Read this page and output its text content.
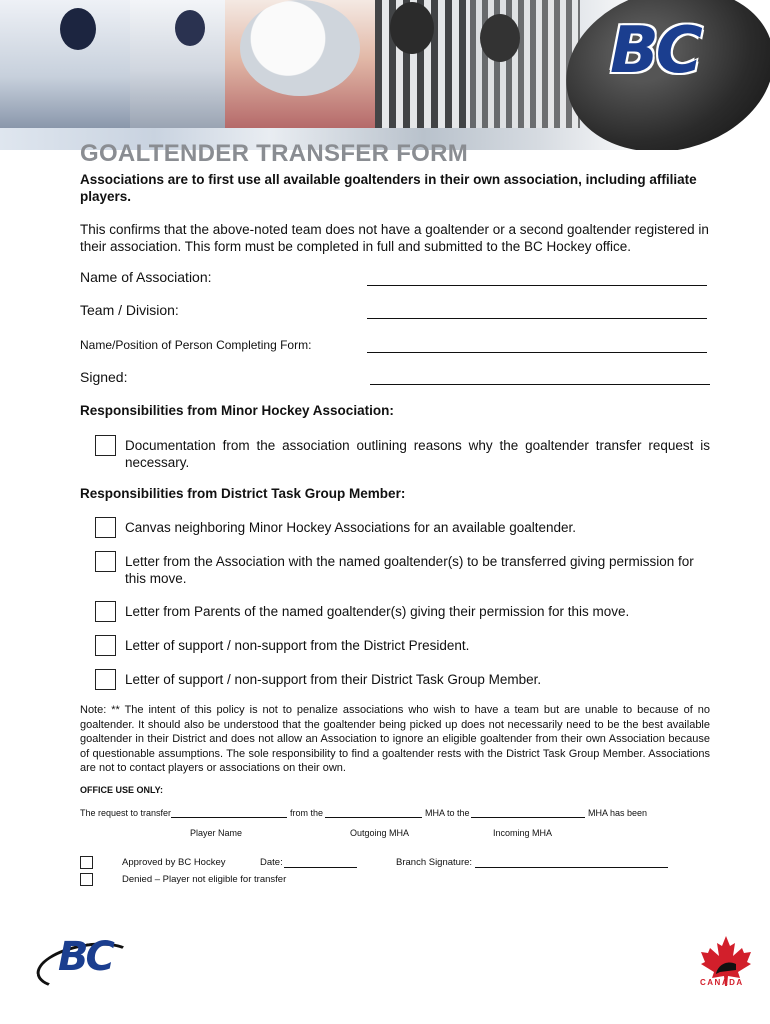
BC
GOALTENDER TRANSFER FORM
Associations are to first use all available goaltenders in their own association, including affiliate players.
This confirms that the above-noted team does not have a goaltender or a second goaltender registered in their association. This form must be completed in full and submitted to the BC Hockey office.
Name of Association:
Team / Division:
Name/Position of Person Completing Form:
Signed:
Responsibilities from Minor Hockey Association:
Documentation from the association outlining reasons why the goaltender transfer request is necessary.
Responsibilities from District Task Group Member:
Canvas neighboring Minor Hockey Associations for an available goaltender.
Letter from the Association with the named goaltender(s) to be transferred giving permission for this move.
Letter from Parents of the named goaltender(s) giving their permission for this move.
Letter of support / non-support from the District President.
Letter of support / non-support from their District Task Group Member.
Note: ** The intent of this policy is not to penalize associations who wish to have a team but are unable to because of no goaltender. It should also be understood that the goaltender being picked up does not necessarily need to be the best available goaltender in their District and does not allow an Association to ignore an eligible goaltender from their own Association because of questionable assumptions. The sole responsibility to find a goaltender rests with the District Task Group Member. Associations are not to contact players or associations on their own.
OFFICE USE ONLY:
The request to transfer	from the	MHA to the	MHA has been
Player Name	Outgoing MHA	Incoming MHA
Approved by BC Hockey	Date:	Branch Signature:
Denied – Player not eligible for transfer
BC
CANADA
